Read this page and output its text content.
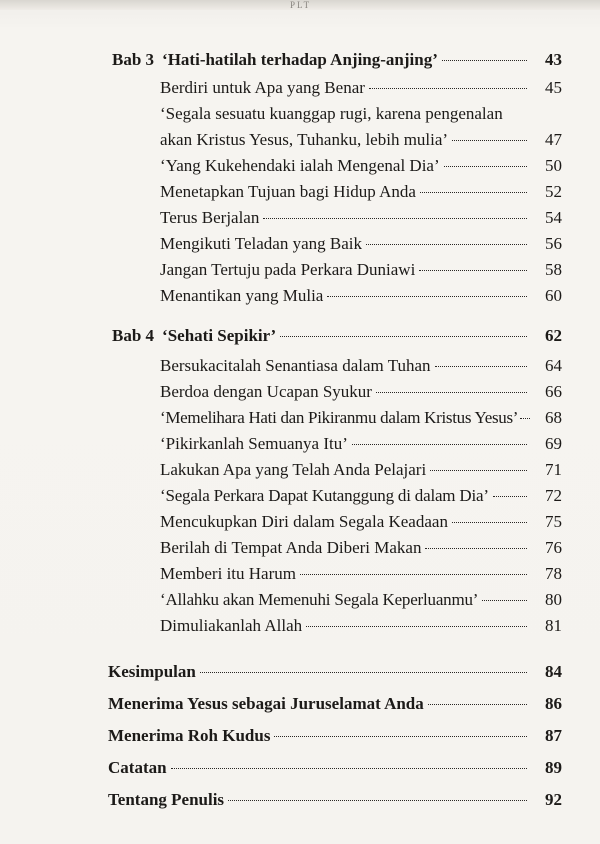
PLT
Bab 3 ‘Hati-hatilah terhadap Anjing-anjing’	43
Berdiri untuk Apa yang Benar	45
‘Segala sesuatu kuanggap rugi, karena pengenalan
akan Kristus Yesus, Tuhanku, lebih mulia’	47
‘Yang Kukehendaki ialah Mengenal Dia’	50
Menetapkan Tujuan bagi Hidup Anda	52
Terus Berjalan	54
Mengikuti Teladan yang Baik	56
Jangan Tertuju pada Perkara Duniawi	58
Menantikan yang Mulia	60
Bab 4 ‘Sehati Sepikir’	62
Bersukacitalah Senantiasa dalam Tuhan	64
Berdoa dengan Ucapan Syukur	66
‘Memelihara Hati dan Pikiranmu dalam Kristus Yesus’	68
‘Pikirkanlah Semuanya Itu’	69
Lakukan Apa yang Telah Anda Pelajari	71
‘Segala Perkara Dapat Kutanggung di dalam Dia’	72
Mencukupkan Diri dalam Segala Keadaan	75
Berilah di Tempat Anda Diberi Makan	76
Memberi itu Harum	78
‘Allahku akan Memenuhi Segala Keperluanmu’	80
Dimuliakanlah Allah	81
Kesimpulan	84
Menerima Yesus sebagai Juruselamat Anda	86
Menerima Roh Kudus	87
Catatan	89
Tentang Penulis	92
